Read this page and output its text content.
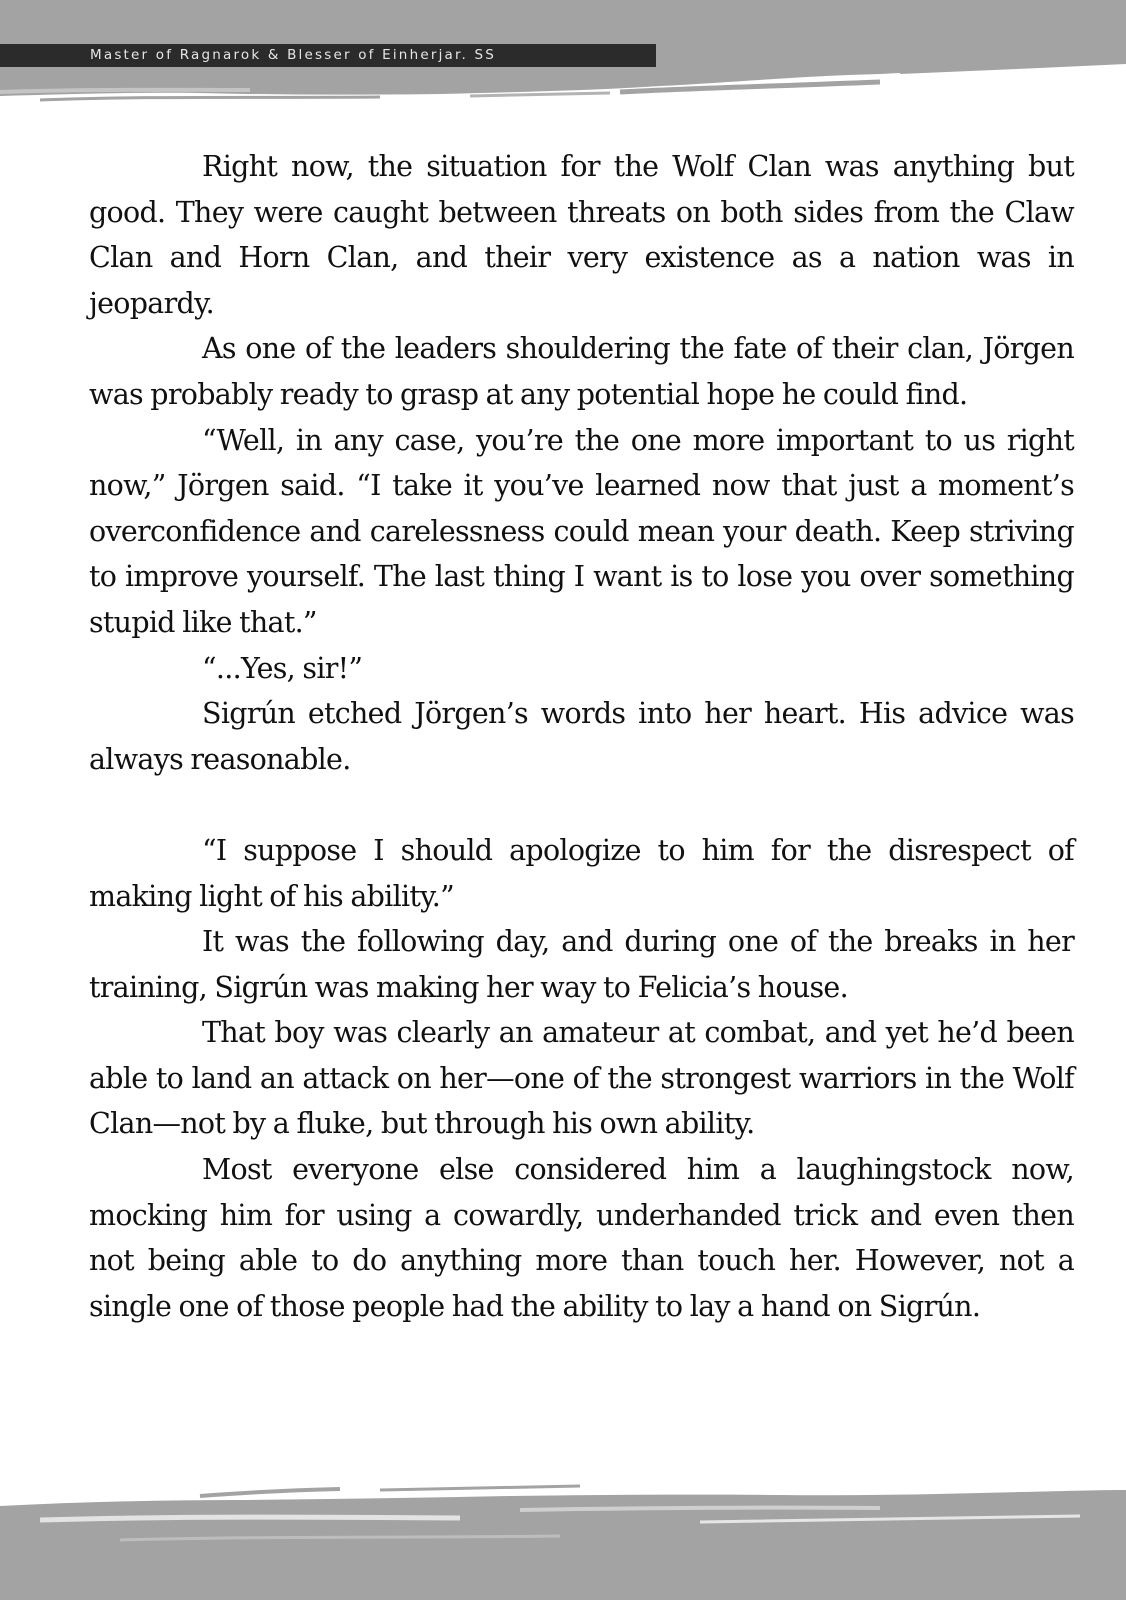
Master of Ragnarok & Blesser of Einherjar. SS

Right now, the situation for the Wolf Clan was anything but good. They were caught between threats on both sides from the Claw Clan and Horn Clan, and their very existence as a nation was in jeopardy.

As one of the leaders shouldering the fate of their clan, Jörgen was probably ready to grasp at any potential hope he could find.

“Well, in any case, you’re the one more important to us right now,” Jörgen said. “I take it you’ve learned now that just a moment’s overconfidence and carelessness could mean your death. Keep striving to improve yourself. The last thing I want is to lose you over something stupid like that.”

“...Yes, sir!”

Sigrún etched Jörgen’s words into her heart. His advice was always reasonable.

“I suppose I should apologize to him for the disrespect of making light of his ability.”

It was the following day, and during one of the breaks in her training, Sigrún was making her way to Felicia’s house.

That boy was clearly an amateur at combat, and yet he’d been able to land an attack on her—one of the strongest warriors in the Wolf Clan—not by a fluke, but through his own ability.

Most everyone else considered him a laughingstock now, mocking him for using a cowardly, underhanded trick and even then not being able to do anything more than touch her. However, not a single one of those people had the ability to lay a hand on Sigrún.
